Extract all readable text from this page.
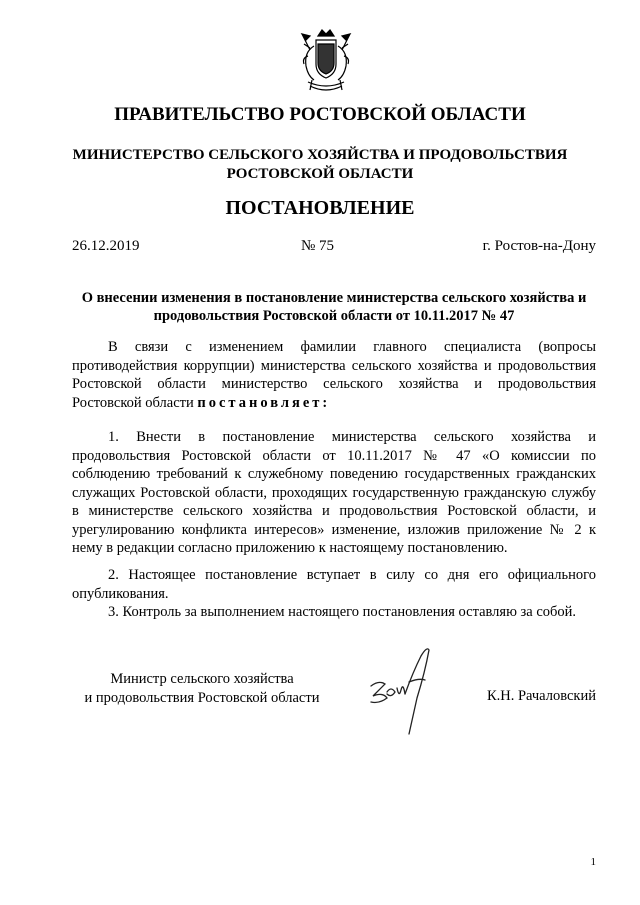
ПРАВИТЕЛЬСТВО РОСТОВСКОЙ ОБЛАСТИ
МИНИСТЕРСТВО СЕЛЬСКОГО ХОЗЯЙСТВА И ПРОДОВОЛЬСТВИЯ
РОСТОВСКОЙ ОБЛАСТИ
ПОСТАНОВЛЕНИЕ
26.12.2019	№ 75	г. Ростов-на-Дону
О внесении изменения в постановление министерства сельского хозяйства и продовольствия Ростовской области от 10.11.2017 № 47
В связи с изменением фамилии главного специалиста (вопросы противодействия коррупции) министерства сельского хозяйства и продовольствия Ростовской области министерство сельского хозяйства и продовольствия Ростовской области постановляет:
1. Внести в постановление министерства сельского хозяйства и продовольствия Ростовской области от 10.11.2017 № 47 «О комиссии по соблюдению требований к служебному поведению государственных гражданских служащих Ростовской области, проходящих государственную гражданскую службу в министерстве сельского хозяйства и продовольствия Ростовской области, и урегулированию конфликта интересов» изменение, изложив приложение № 2 к нему в редакции согласно приложению к настоящему постановлению.
2. Настоящее постановление вступает в силу со дня его официального опубликования.
3. Контроль за выполнением настоящего постановления оставляю за собой.
Министр сельского хозяйства
и продовольствия Ростовской области	К.Н. Рачаловский
1
